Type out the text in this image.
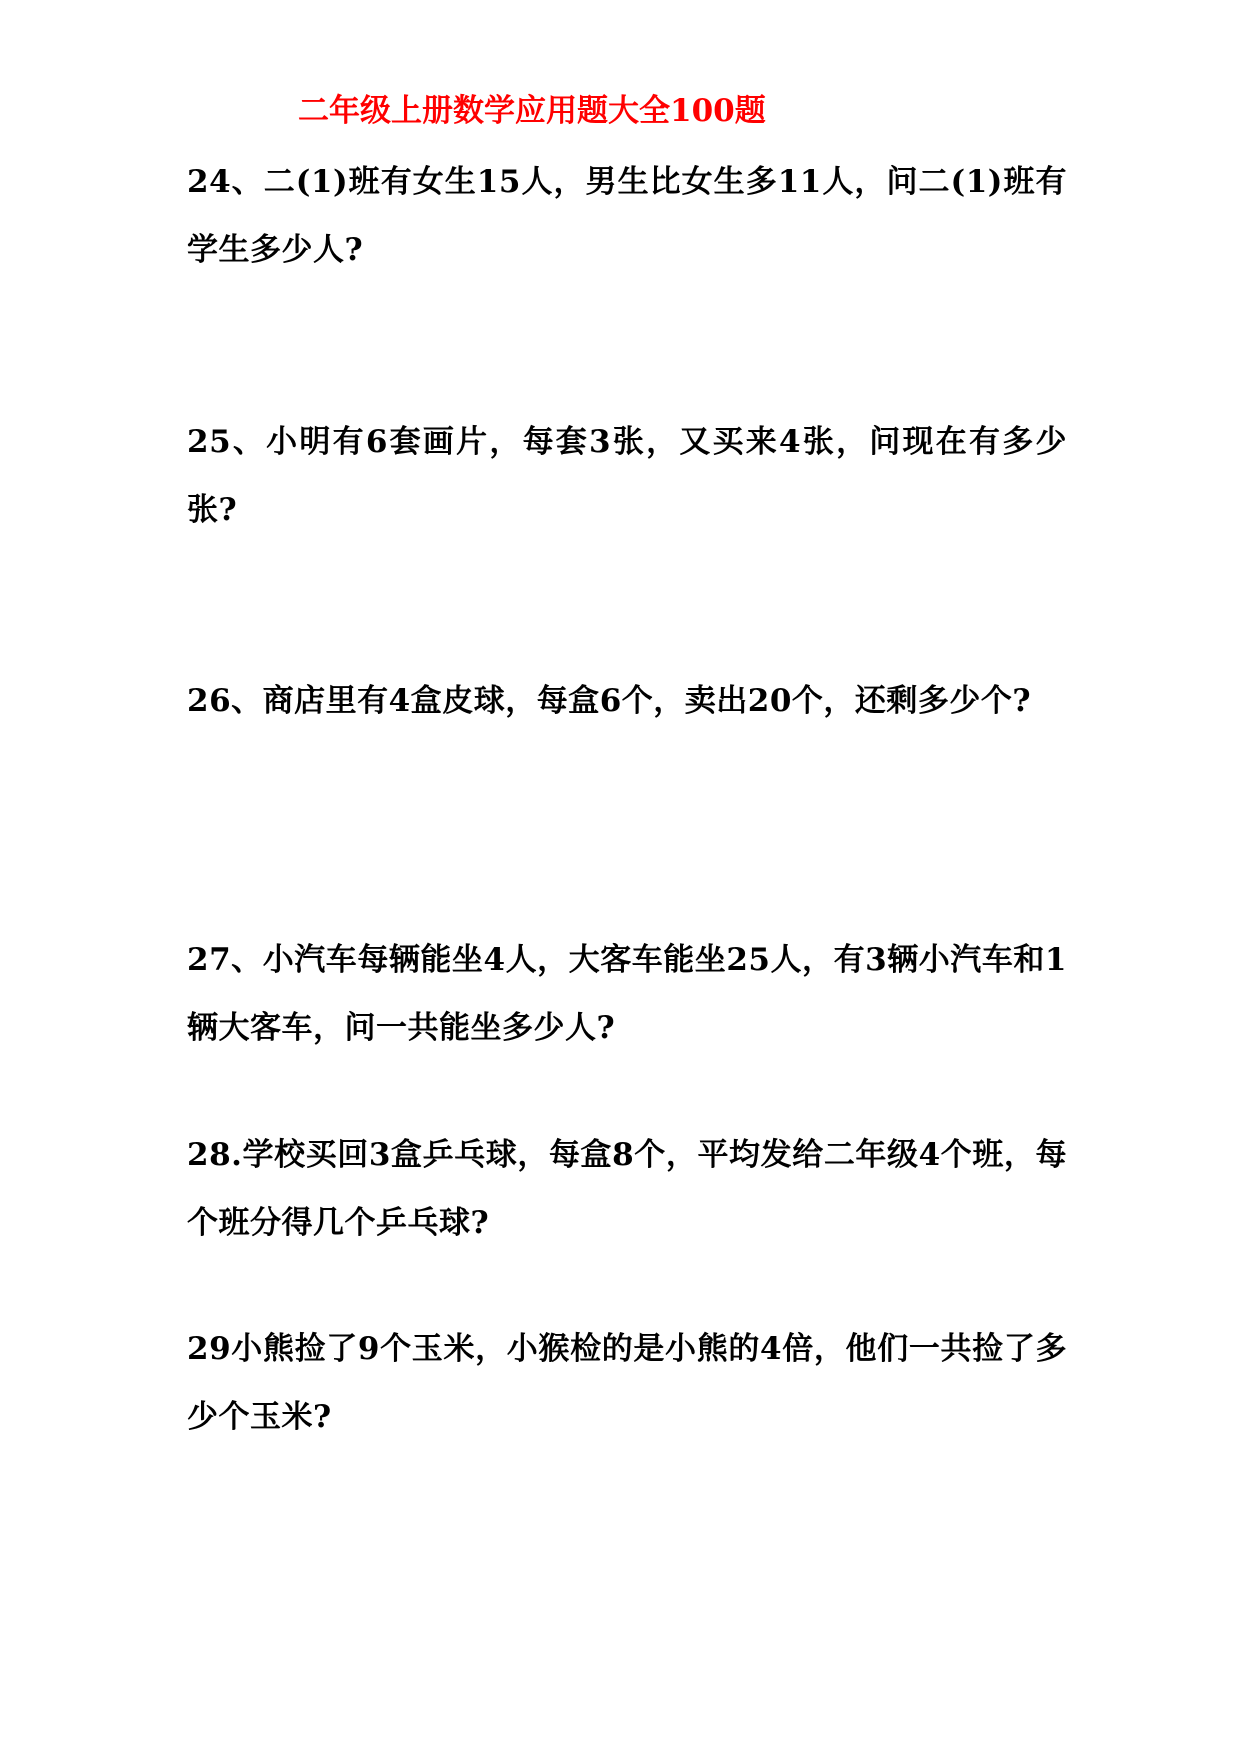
二年级上册数学应用题大全100题
24、二(1)班有女生15人，男生比女生多11人，问二(1)班有学生多少人?
25、小明有6套画片，每套3张，又买来4张，问现在有多少张?
26、商店里有4盒皮球，每盒6个，卖出20个，还剩多少个?
27、小汽车每辆能坐4人，大客车能坐25人，有3辆小汽车和1辆大客车，问一共能坐多少人?
28.学校买回3盒乒乓球，每盒8个，平均发给二年级4个班，每个班分得几个乒乓球?
29小熊捡了9个玉米，小猴检的是小熊的4倍，他们一共捡了多少个玉米?
